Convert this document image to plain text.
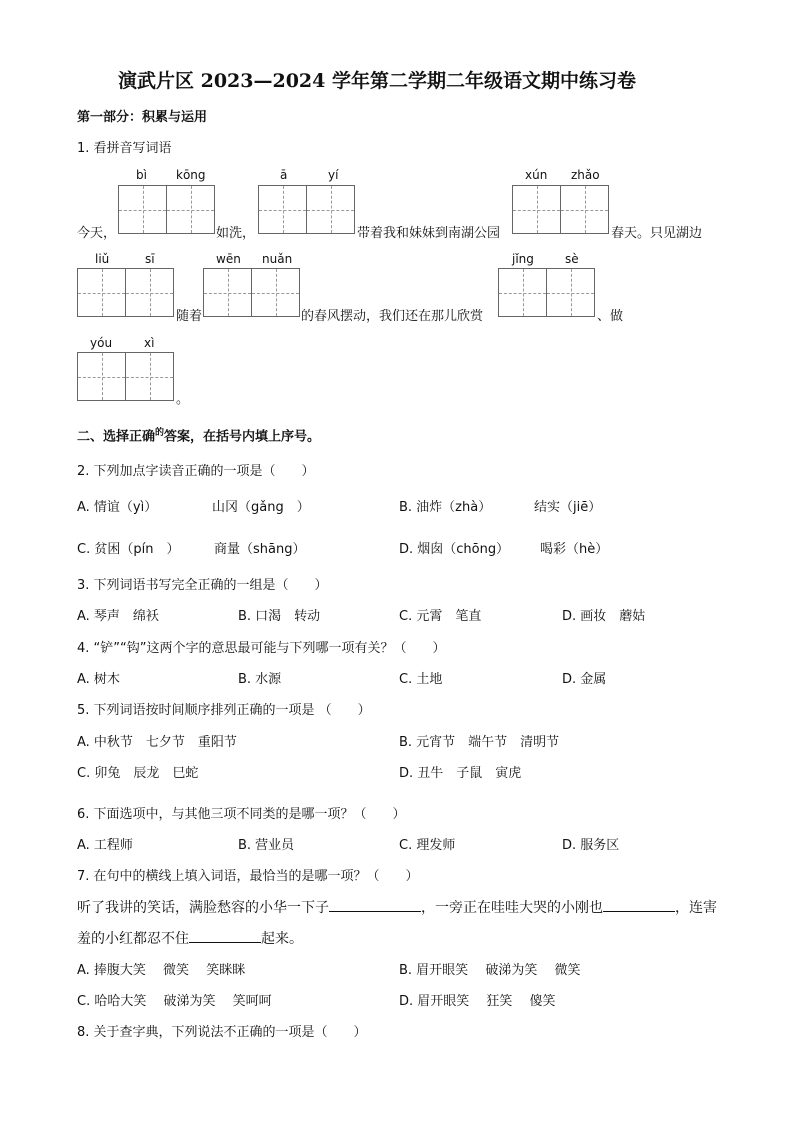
演武片区 2023—2024 学年第二学期二年级语文期中练习卷
第一部分：积累与运用
1. 看拼音写词语
bì kōng	ā	yí	xún zhǎo
今天，	如洗，	带着我和妹妹到南湖公园	春天。只见湖边
liǔ	sī	wēn nuǎn	jǐng	sè
随着	的春风摆动，我们还在那儿欣赏	、做
yóu	xì
。
二、选择正确$^的$答案，在括号内填上序号。
2. 下列加点字读音正确的一项是（　　）
A. 情谊（yì）	山冈（gǎng　）	B. 油炸（zhà）	结实（jiē）
C. 贫困（pín　）	商量（shāng）	D. 烟囱（chōng） 喝彩（hè）
3. 下列词语书写完全正确的一组是（　　）
A. 琴声　绵袄	B. 口渴　转动	C. 元霄　笔直	D. 画妆　蘑姑
4. “铲”“钩”这两个字的意思最可能与下列哪一项有关？（　　）
A. 树木	B. 水源	C. 土地	D. 金属
5. 下列词语按时间顺序排列正确的一项是 （　　）
A. 中秋节　七夕节　重阳节	B. 元宵节　端午节　清明节
C. 卯兔　辰龙　巳蛇	D. 丑牛　子鼠　寅虎
6. 下面选项中，与其他三项不同类的是哪一项？（　　）
A. 工程师	B. 营业员	C. 理发师	D. 服务区
7. 在句中的横线上填入词语，最恰当的是哪一项？（　　）
听了我讲的笑话，满脸愁容的小华一下子	，一旁正在哇哇大哭的小刚也	，连害
羞的小红都忍不住	起来。
A. 捧腹大笑　 微笑　 笑眯眯	B. 眉开眼笑　 破涕为笑　 微笑
C. 哈哈大笑　 破涕为笑　 笑呵呵	D. 眉开眼笑　 狂笑　 傻笑
8. 关于查字典，下列说法不正确的一项是（　　）
